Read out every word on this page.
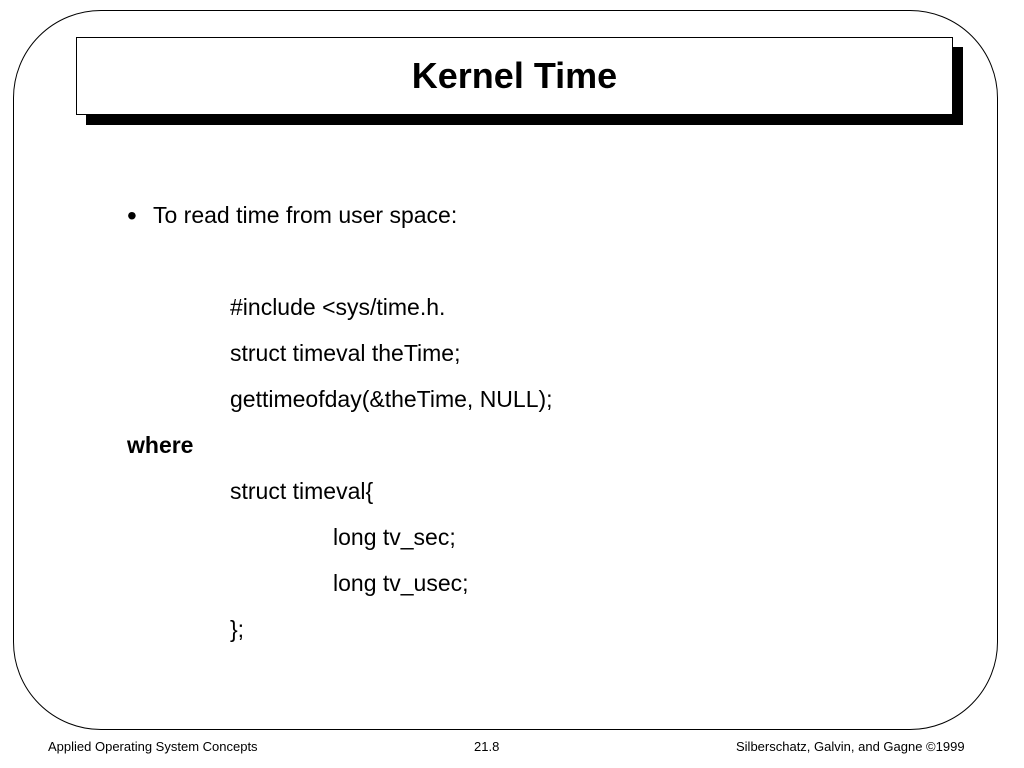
Kernel Time
• To read time from user space:
#include <sys/time.h.
struct timeval theTime;
gettimeofday(&theTime, NULL);
where
struct timeval{
long tv_sec;
long tv_usec;
};
Applied Operating System Concepts	21.8	Silberschatz, Galvin, and Gagne ©1999
